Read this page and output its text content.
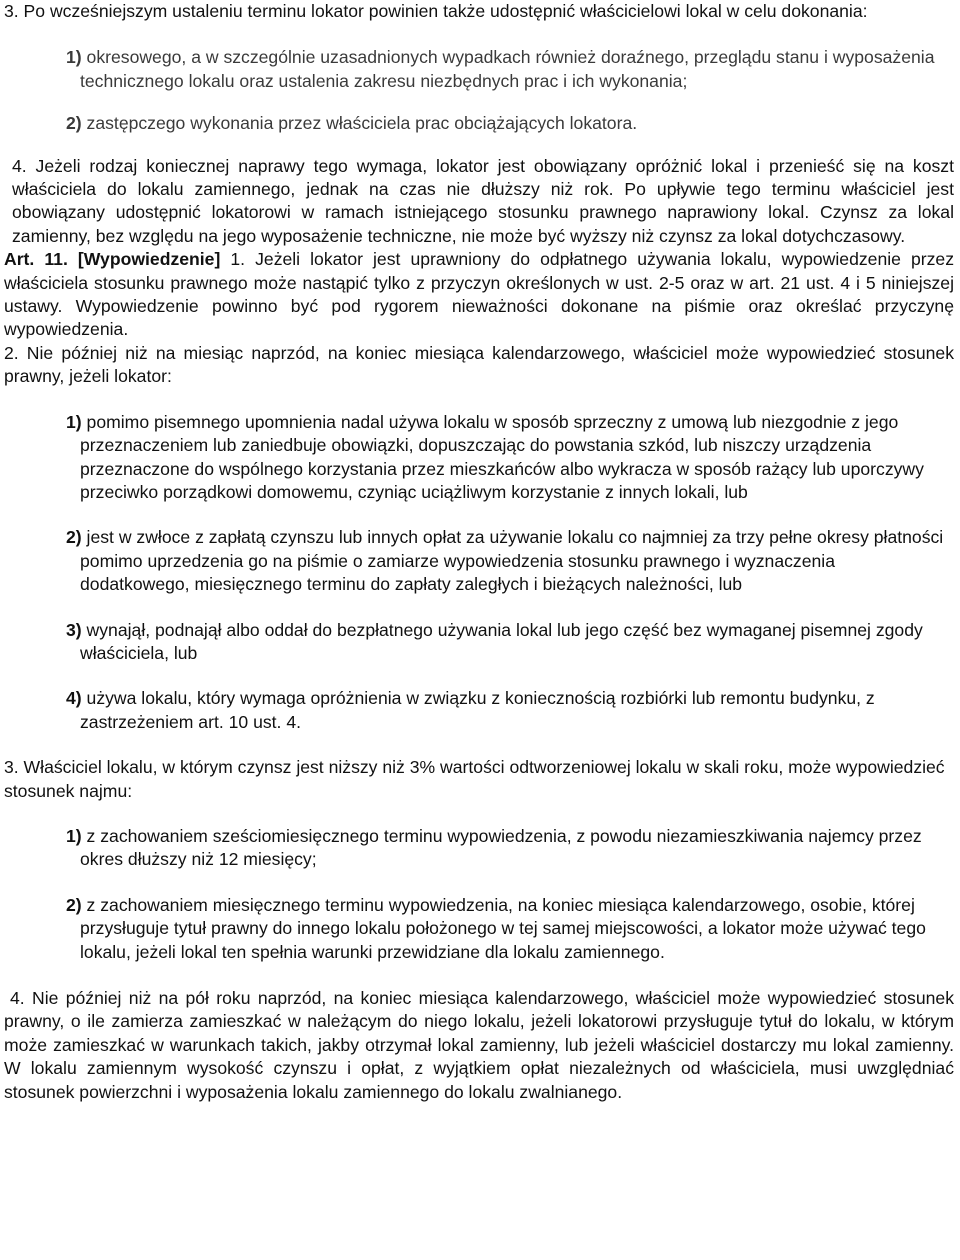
3. Po wcześniejszym ustaleniu terminu lokator powinien także udostępnić właścicielowi lokal w celu dokonania:

1) okresowego, a w szczególnie uzasadnionych wypadkach również doraźnego, przeglądu stanu i wyposażenia technicznego lokalu oraz ustalenia zakresu niezbędnych prac i ich wykonania;
2) zastępczego wykonania przez właściciela prac obciążających lokatora.

4. Jeżeli rodzaj koniecznej naprawy tego wymaga, lokator jest obowiązany opróżnić lokal i przenieść się na koszt właściciela do lokalu zamiennego, jednak na czas nie dłuższy niż rok. Po upływie tego terminu właściciel jest obowiązany udostępnić lokatorowi w ramach istniejącego stosunku prawnego naprawiony lokal. Czynsz za lokal zamienny, bez względu na jego wyposażenie techniczne, nie może być wyższy niż czynsz za lokal dotychczasowy.

Art. 11. [Wypowiedzenie] 1. Jeżeli lokator jest uprawniony do odpłatnego używania lokalu, wypowiedzenie przez właściciela stosunku prawnego może nastąpić tylko z przyczyn określonych w ust. 2-5 oraz w art. 21 ust. 4 i 5 niniejszej ustawy. Wypowiedzenie powinno być pod rygorem nieważności dokonane na piśmie oraz określać przyczynę wypowiedzenia.

2. Nie później niż na miesiąc naprzód, na koniec miesiąca kalendarzowego, właściciel może wypowiedzieć stosunek prawny, jeżeli lokator:

1) pomimo pisemnego upomnienia nadal używa lokalu w sposób sprzeczny z umową lub niezgodnie z jego przeznaczeniem lub zaniedbuje obowiązki, dopuszczając do powstania szkód, lub niszczy urządzenia przeznaczone do wspólnego korzystania przez mieszkańców albo wykracza w sposób rażący lub uporczywy przeciwko porządkowi domowemu, czyniąc uciążliwym korzystanie z innych lokali, lub
2) jest w zwłoce z zapłatą czynszu lub innych opłat za używanie lokalu co najmniej za trzy pełne okresy płatności pomimo uprzedzenia go na piśmie o zamiarze wypowiedzenia stosunku prawnego i wyznaczenia dodatkowego, miesięcznego terminu do zapłaty zaległych i bieżących należności, lub
3) wynajął, podnajął albo oddał do bezpłatnego używania lokal lub jego część bez wymaganej pisemnej zgody właściciela, lub
4) używa lokalu, który wymaga opróżnienia w związku z koniecznością rozbiórki lub remontu budynku, z zastrzeżeniem art. 10 ust. 4.

3. Właściciel lokalu, w którym czynsz jest niższy niż 3% wartości odtworzeniowej lokalu w skali roku, może wypowiedzieć stosunek najmu:

1) z zachowaniem sześciomiesięcznego terminu wypowiedzenia, z powodu niezamieszkiwania najemcy przez okres dłuższy niż 12 miesięcy;
2) z zachowaniem miesięcznego terminu wypowiedzenia, na koniec miesiąca kalendarzowego, osobie, której przysługuje tytuł prawny do innego lokalu położonego w tej samej miejscowości, a lokator może używać tego lokalu, jeżeli lokal ten spełnia warunki przewidziane dla lokalu zamiennego.

4. Nie później niż na pół roku naprzód, na koniec miesiąca kalendarzowego, właściciel może wypowiedzieć stosunek prawny, o ile zamierza zamieszkać w należącym do niego lokalu, jeżeli lokatorowi przysługuje tytuł do lokalu, w którym może zamieszkać w warunkach takich, jakby otrzymał lokal zamienny, lub jeżeli właściciel dostarczy mu lokal zamienny. W lokalu zamiennym wysokość czynszu i opłat, z wyjątkiem opłat niezależnych od właściciela, musi uwzględniać stosunek powierzchni i wyposażenia lokalu zamiennego do lokalu zwalnianego.
